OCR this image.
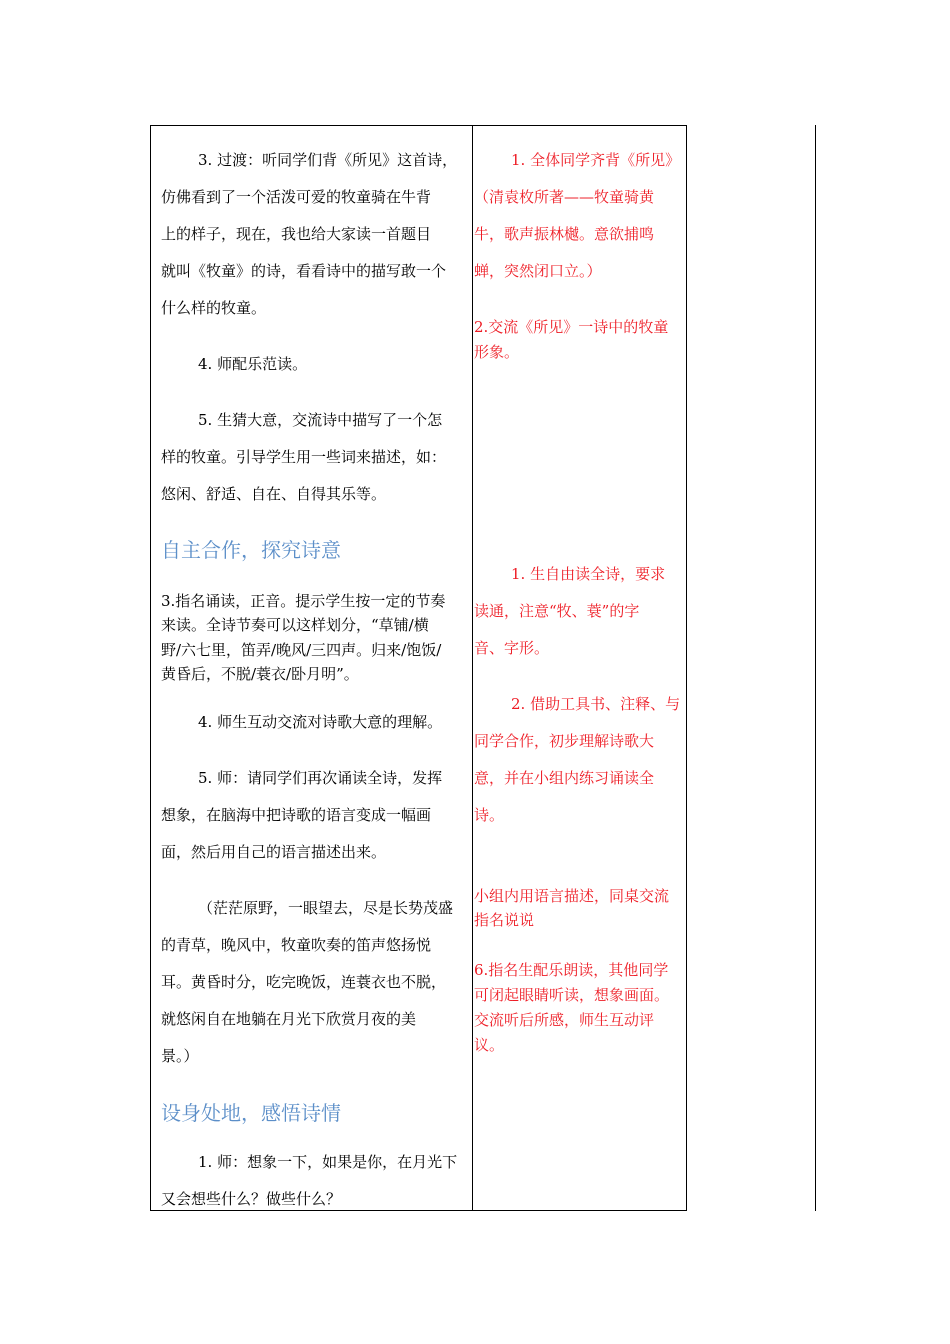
3. 过渡：听同学们背《所见》这首诗，
仿佛看到了一个活泼可爱的牧童骑在牛背
上的样子，现在，我也给大家读一首题目
就叫《牧童》的诗，看看诗中的描写敢一个
什么样的牧童。
4. 师配乐范读。
5. 生猜大意，交流诗中描写了一个怎
样的牧童。引导学生用一些词来描述，如：
悠闲、舒适、自在、自得其乐等。
自主合作，探究诗意
3.指名诵读，正音。提示学生按一定的节奏
来读。全诗节奏可以这样划分，“草铺/横
野/六七里，笛弄/晚风/三四声。归来/饱饭/
黄昏后，不脱/蓑衣/卧月明”。
4. 师生互动交流对诗歌大意的理解。
5. 师：请同学们再次诵读全诗，发挥
想象，在脑海中把诗歌的语言变成一幅画
面，然后用自己的语言描述出来。
（茫茫原野，一眼望去，尽是长势茂盛
的青草，晚风中，牧童吹奏的笛声悠扬悦
耳。黄昏时分，吃完晚饭，连蓑衣也不脱，
就悠闲自在地躺在月光下欣赏月夜的美
景。）
设身处地，感悟诗情
1. 师：想象一下，如果是你，在月光下
又会想些什么？做些什么？
1. 全体同学齐背《所见》
（清袁枚所著——牧童骑黄
牛，歌声振林樾。意欲捕鸣
蝉，突然闭口立。）
2.交流《所见》一诗中的牧童
形象。
1. 生自由读全诗，要求
读通，注意“牧、蓑”的字
音、字形。
2. 借助工具书、注释、与
同学合作，初步理解诗歌大
意，并在小组内练习诵读全
诗。
小组内用语言描述，同桌交流
指名说说
6.指名生配乐朗读，其他同学
可闭起眼睛听读，想象画面。
交流听后所感，师生互动评
议。
